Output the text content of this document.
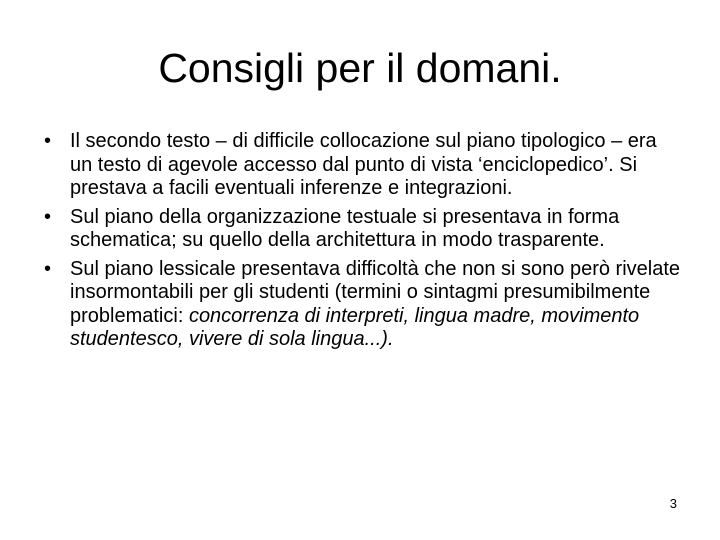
Consigli per il domani.
• Il secondo testo – di difficile collocazione sul piano tipologico – era un testo di agevole accesso dal punto di vista ‘enciclopedico’. Si prestava a facili eventuali inferenze e integrazioni.
• Sul piano della organizzazione testuale si presentava in forma schematica; su quello della architettura in modo trasparente.
• Sul piano lessicale presentava difficoltà che non si sono però rivelate insormontabili per gli studenti (termini o sintagmi presumibilmente problematici: concorrenza di interpreti, lingua madre, movimento studentesco, vivere di sola lingua...).
3
